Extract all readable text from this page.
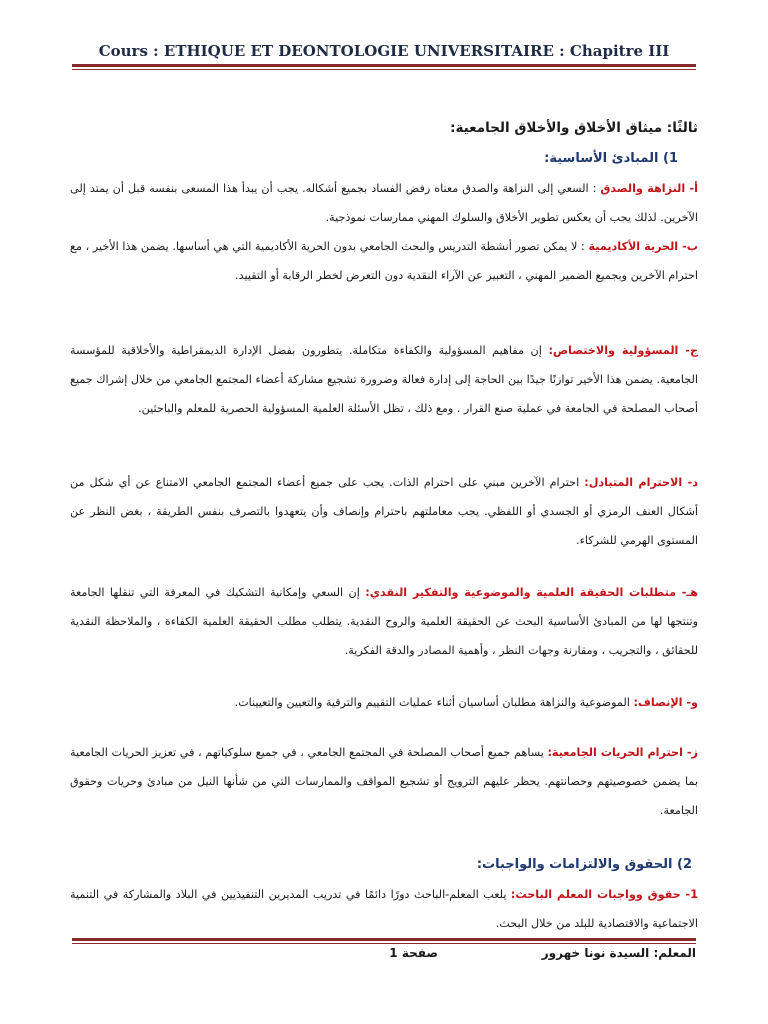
Cours : ETHIQUE ET DEONTOLOGIE UNIVERSITAIRE : Chapitre III
ثالثًا: ميثاق الأخلاق والأخلاق الجامعية:
1) المبادئ الأساسية:
أ- النزاهة والصدق : السعي إلى النزاهة والصدق معناه رفض الفساد بجميع أشكاله. يجب أن يبدأ هذا المسعى بنفسه قبل أن يمتد إلى الآخرين. لذلك يجب أن يعكس تطوير الأخلاق والسلوك المهني ممارسات نموذجية.
ب- الحرية الأكاديمية : لا يمكن تصور أنشطة التدريس والبحث الجامعي بدون الحرية الأكاديمية التي هي أساسها. يضمن هذا الأخير ، مع احترام الآخرين وبجميع الضمير المهني ، التعبير عن الآراء النقدية دون التعرض لخطر الرقابة أو التقييد.
ج- المسؤولية والاختصاص: إن مفاهيم المسؤولية والكفاءة متكاملة. يتطورون بفضل الإدارة الديمقراطية والأخلاقية للمؤسسة الجامعية. يضمن هذا الأخير توازنًا جيدًا بين الحاجة إلى إدارة فعالة وضرورة تشجيع مشاركة أعضاء المجتمع الجامعي من خلال إشراك جميع أصحاب المصلحة في الجامعة في عملية صنع القرار . ومع ذلك ، تظل الأسئلة العلمية المسؤولية الحصرية للمعلم والباحثين.
د- الاحترام المتبادل: احترام الآخرين مبني على احترام الذات. يجب على جميع أعضاء المجتمع الجامعي الامتناع عن أي شكل من أشكال العنف الرمزي أو الجسدي أو اللفظي. يجب معاملتهم باحترام وإنصاف وأن يتعهدوا بالتصرف بنفس الطريقة ، بغض النظر عن المستوى الهرمي للشركاء.
هـ- متطلبات الحقيقة العلمية والموضوعية والتفكير النقدي: إن السعي وإمكانية التشكيك في المعرفة التي تنقلها الجامعة وتنتجها لها من المبادئ الأساسية البحث عن الحقيقة العلمية والروح النقدية. يتطلب مطلب الحقيقة العلمية الكفاءة ، والملاحظة النقدية للحقائق ، والتجريب ، ومقارنة وجهات النظر ، وأهمية المصادر والدقة الفكرية.
و- الإنصاف: الموضوعية والنزاهة مطلبان أساسيان أثناء عمليات التقييم والترقية والتعيين والتعيينات.
ز- احترام الحريات الجامعية: يساهم جميع أصحاب المصلحة في المجتمع الجامعي ، في جميع سلوكياتهم ، في تعزيز الحريات الجامعية بما يضمن خصوصيتهم وحصانتهم. يحظر عليهم الترويج أو تشجيع المواقف والممارسات التي من شأنها النيل من مبادئ وحريات وحقوق الجامعة.
2) الحقوق والالتزامات والواجبات:
1- حقوق وواجبات المعلم الباحث: يلعب المعلم-الباحث دورًا دائمًا في تدريب المديرين التنفيذيين في البلاد والمشاركة في التنمية الاجتماعية والاقتصادية للبلد من خلال البحث.
المعلم: السيدة نونا خهرور
صفحة 1
